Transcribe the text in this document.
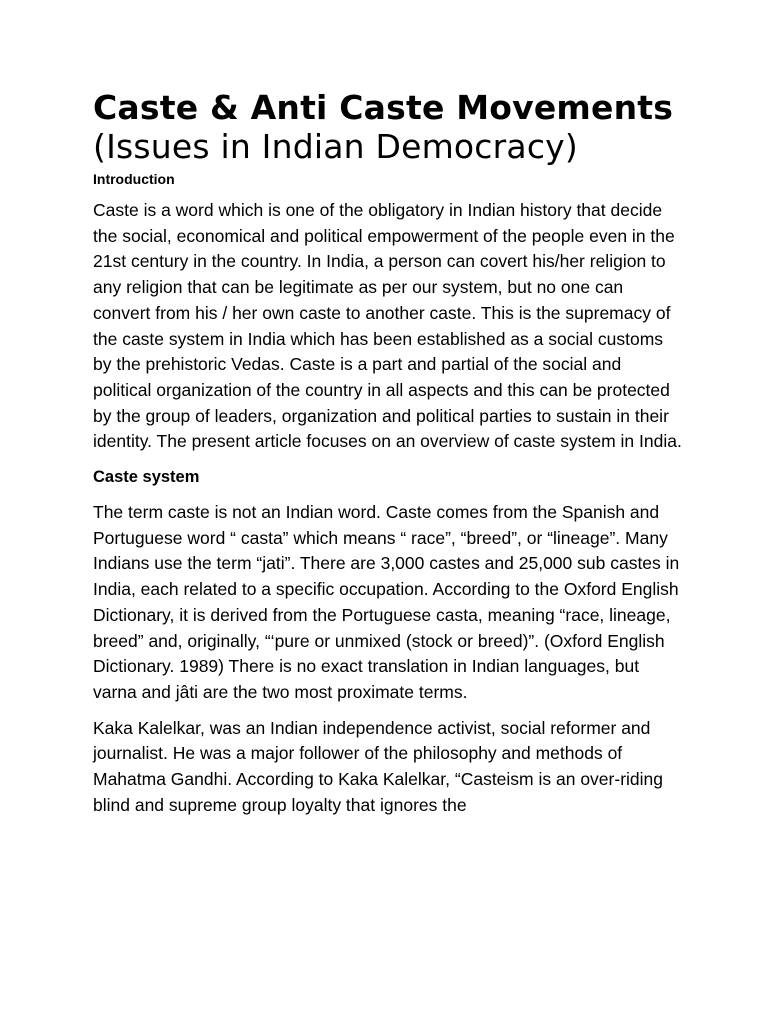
Caste & Anti Caste Movements (Issues in Indian Democracy)
Introduction

Caste is a word which is one of the obligatory in Indian history that decide the social, economical and political empowerment of the people even in the 21st century in the country. In India, a person can covert his/her religion to any religion that can be legitimate as per our system, but no one can convert from his / her own caste to another caste. This is the supremacy of the caste system in India which has been established as a social customs by the prehistoric Vedas. Caste is a part and partial of the social and political organization of the country in all aspects and this can be protected by the group of leaders, organization and political parties to sustain in their identity. The present article focuses on an overview of caste system in India.

Caste system

The term caste is not an Indian word. Caste comes from the Spanish and Portuguese word “ casta” which means “ race”, “breed”, or “lineage”. Many Indians use the term “jati”. There are 3,000 castes and 25,000 sub castes in India, each related to a specific occupation. According to the Oxford English Dictionary, it is derived from the Portuguese casta, meaning “race, lineage, breed” and, originally, “‘pure or unmixed (stock or breed)”. (Oxford English Dictionary. 1989) There is no exact translation in Indian languages, but varna and jâti are the two most proximate terms.

Kaka Kalelkar, was an Indian independence activist, social reformer and journalist. He was a major follower of the philosophy and methods of Mahatma Gandhi. According to Kaka Kalelkar, “Casteism is an over-riding blind and supreme group loyalty that ignores the
